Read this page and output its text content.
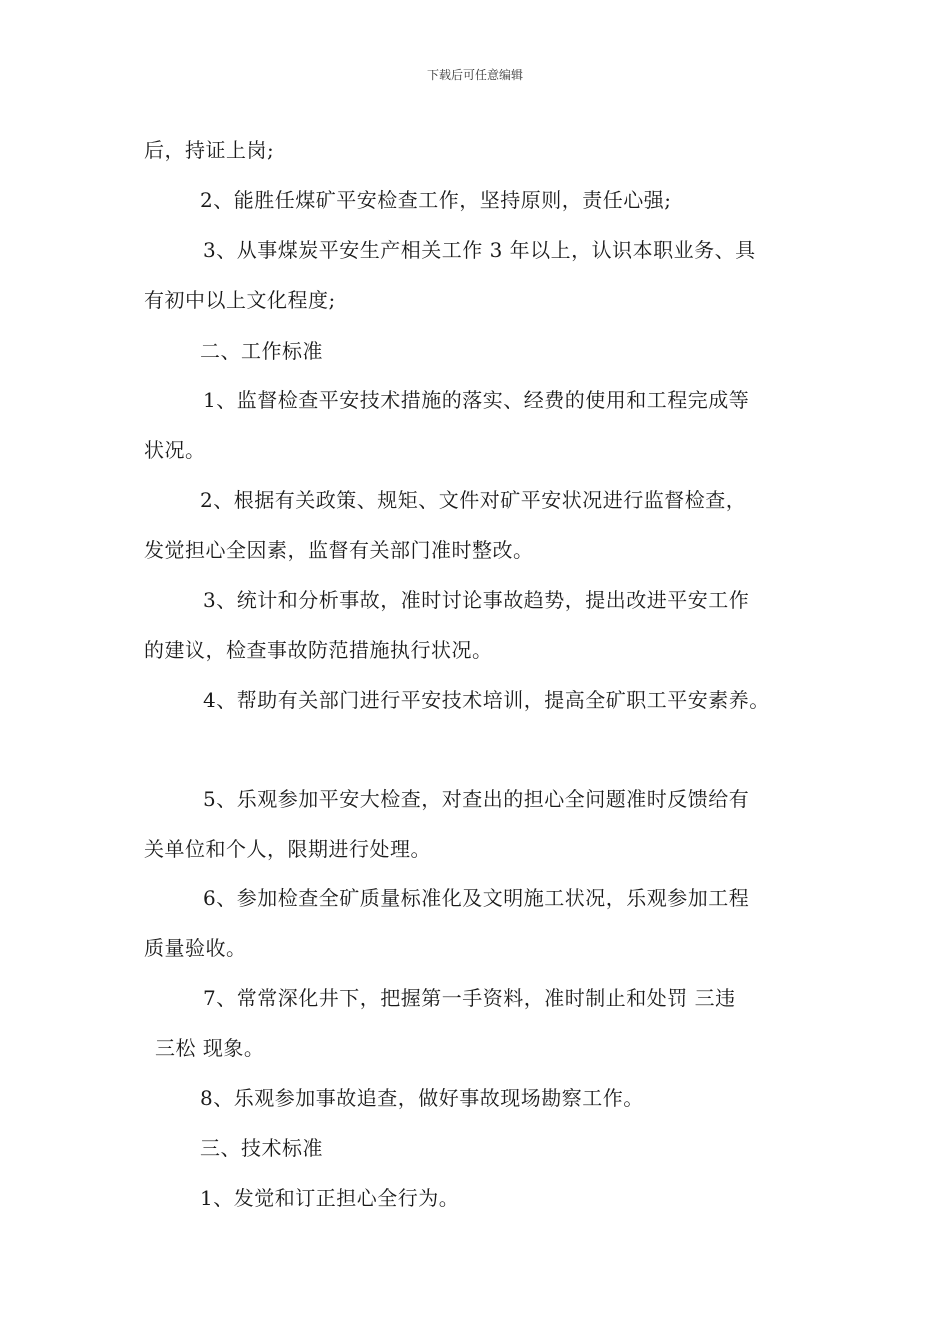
下载后可任意编辑
后，持证上岗;
2、能胜任煤矿平安检查工作，坚持原则，责任心强;
3、从事煤炭平安生产相关工作 3 年以上，认识本职业务、具
有初中以上文化程度;
二、工作标准
1、监督检查平安技术措施的落实、经费的使用和工程完成等
状况。
2、根据有关政策、规矩、文件对矿平安状况进行监督检查，
发觉担心全因素，监督有关部门准时整改。
3、统计和分析事故，准时讨论事故趋势，提出改进平安工作
的建议，检查事故防范措施执行状况。
4、帮助有关部门进行平安技术培训，提高全矿职工平安素养。
5、乐观参加平安大检查，对查出的担心全问题准时反馈给有
关单位和个人，限期进行处理。
6、参加检查全矿质量标准化及文明施工状况，乐观参加工程
质量验收。
7、常常深化井下，把握第一手资料，准时制止和处罚 三违
三松 现象。
8、乐观参加事故追查，做好事故现场勘察工作。
三、技术标准
1、发觉和订正担心全行为。
